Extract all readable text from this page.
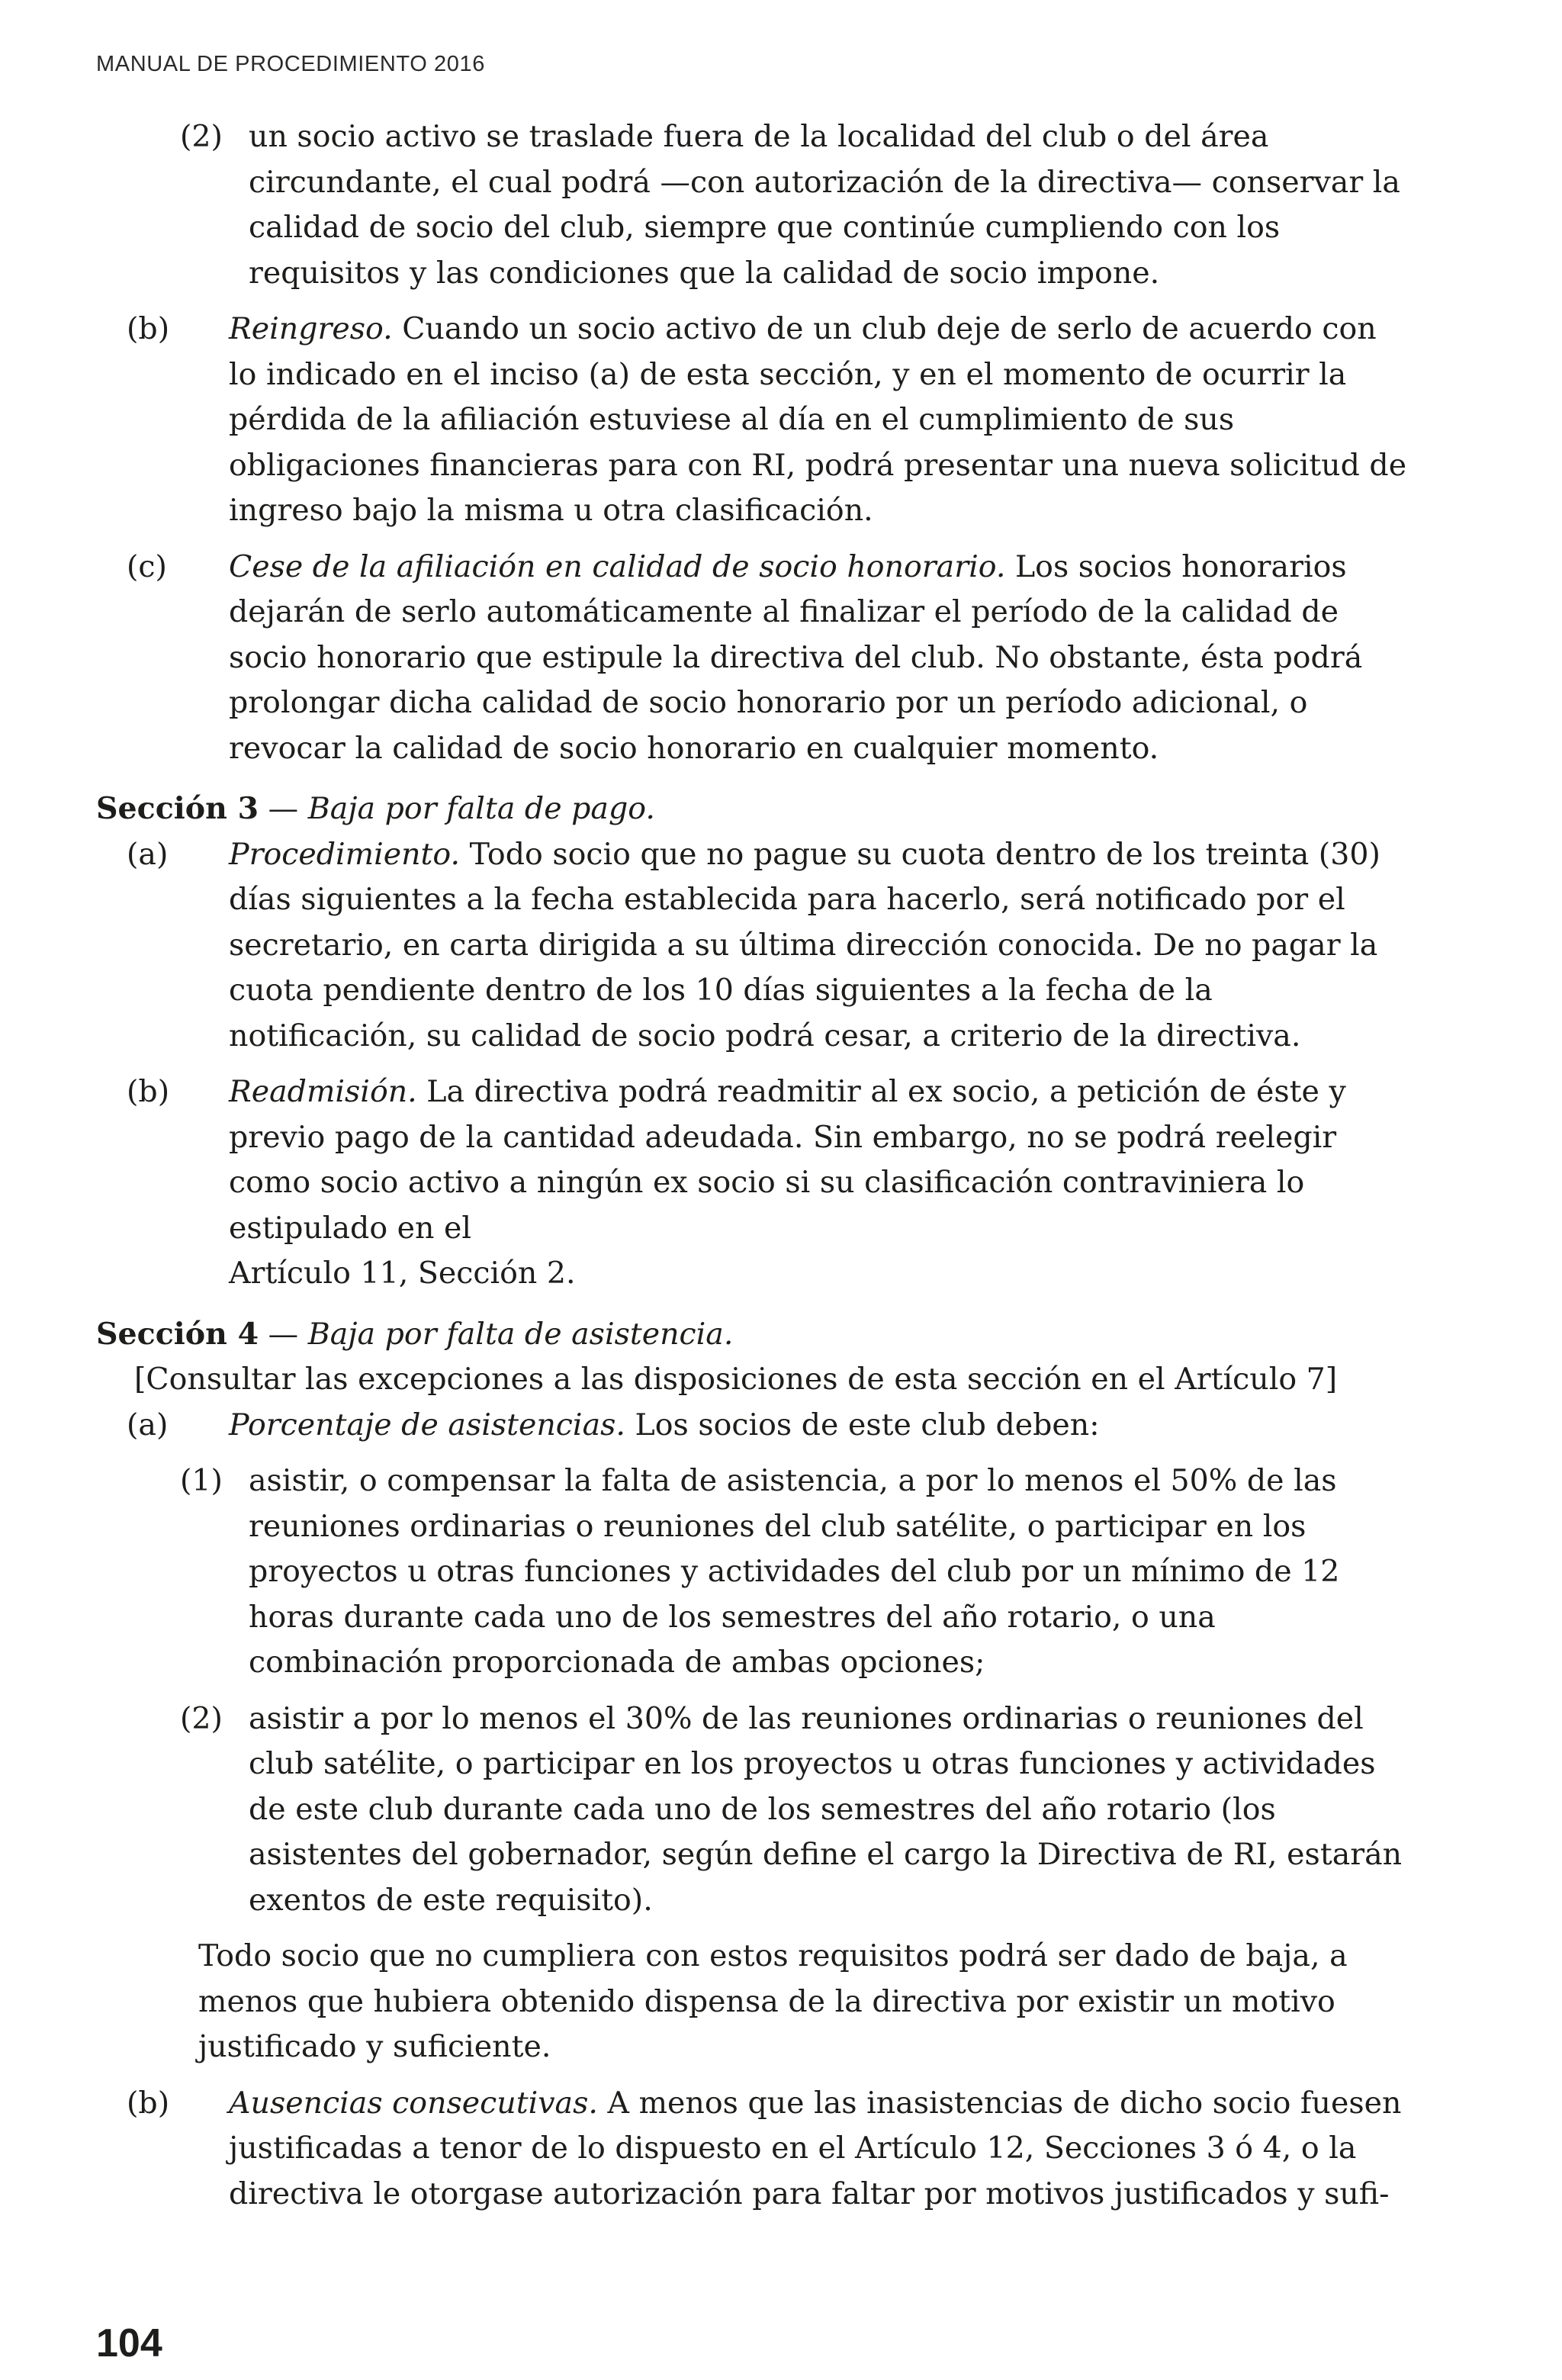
MANUAL DE PROCEDIMIENTO 2016
(2) un socio activo se traslade fuera de la localidad del club o del área circundante, el cual podrá —con autorización de la directiva— conservar la calidad de socio del club, siempre que continúe cumpliendo con los requisitos y las condiciones que la calidad de socio impone.
(b)	Reingreso. Cuando un socio activo de un club deje de serlo de acuerdo con lo indicado en el inciso (a) de esta sección, y en el momento de ocurrir la pérdida de la afiliación estuviese al día en el cumplimiento de sus obligaciones financieras para con RI, podrá presentar una nueva solicitud de ingreso bajo la misma u otra clasificación.
(c)	Cese de la afiliación en calidad de socio honorario. Los socios honorarios dejarán de serlo automáticamente al finalizar el período de la calidad de socio honorario que estipule la directiva del club. No obstante, ésta podrá prolongar dicha calidad de socio honorario por un período adicional, o revocar la calidad de socio honorario en cualquier momento.
Sección 3 — Baja por falta de pago.
(a)	Procedimiento. Todo socio que no pague su cuota dentro de los treinta (30) días siguientes a la fecha establecida para hacerlo, será notificado por el secretario, en carta dirigida a su última dirección conocida. De no pagar la cuota pendiente dentro de los 10 días siguientes a la fecha de la notificación, su calidad de socio podrá cesar, a criterio de la directiva.
(b)	Readmisión. La directiva podrá readmitir al ex socio, a petición de éste y previo pago de la cantidad adeudada. Sin embargo, no se podrá reelegir como socio activo a ningún ex socio si su clasificación contraviniera lo estipulado en el
Artículo 11, Sección 2.
Sección 4 — Baja por falta de asistencia.
[Consultar las excepciones a las disposiciones de esta sección en el Artículo 7]
(a)	Porcentaje de asistencias. Los socios de este club deben:
(1) asistir, o compensar la falta de asistencia, a por lo menos el 50% de las reuniones ordinarias o reuniones del club satélite, o participar en los proyectos u otras funciones y actividades del club por un mínimo de 12 horas durante cada uno de los semestres del año rotario, o una combinación proporcionada de ambas opciones;
(2) asistir a por lo menos el 30% de las reuniones ordinarias o reuniones del club satélite, o participar en los proyectos u otras funciones y actividades de este club durante cada uno de los semestres del año rotario (los asistentes del gobernador, según define el cargo la Directiva de RI, estarán exentos de este requisito).
Todo socio que no cumpliera con estos requisitos podrá ser dado de baja, a menos que hubiera obtenido dispensa de la directiva por existir un motivo justificado y suficiente.
(b)	Ausencias consecutivas. A menos que las inasistencias de dicho socio fuesen justificadas a tenor de lo dispuesto en el Artículo 12, Secciones 3 ó 4, o la directiva le otorgase autorización para faltar por motivos justificados y sufi-
104
